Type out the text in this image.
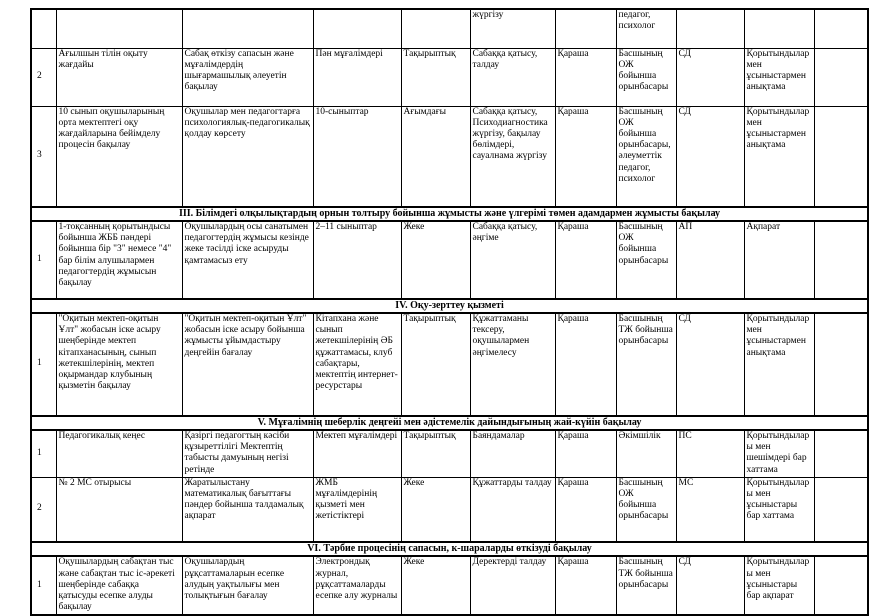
					жүргізу		педагог, психолог			
2	Ағылшын тілін оқыту жағдайы	Сабақ өткізу сапасын және мұғалімдердің шығармашылық әлеуетін бақылау	Пән мұғалімдері	Тақырыптық	Сабаққа қатысу, талдау	Қараша	Басшының ОЖ бойынша орынбасары	СД	Қорытындылар мен ұсыныстармен анықтама	
3	10 сынып оқушыларының орта мектептегі оқу жағдайларына бейімделу процесін бақылау	Оқушылар мен педагогтарға психологиялық-педагогикалық қолдау көрсету	10-сыныптар	Ағымдағы	Сабаққа қатысу, Психодиагностика жүргізу, бақылау бөлімдері, сауалнама жүргізу	Қараша	Басшының ОЖ бойынша орынбасары, әлеуметтік педагог, психолог	СД	Қорытындылар мен ұсыныстармен анықтама	
ІІІ. Білімдегі олқылықтардың орнын толтыру бойынша жұмысты және үлгерімі төмен адамдармен жұмысты бақылау										
1	1-тоқсанның қорытындысы бойынша ЖББ пәндері бойынша бір "3" немесе "4" бар білім алушылармен педагогтердің жұмысын бақылау	Оқушылардың осы санатымен педагогтердің жұмысы кезінде жеке тәсілді іске асыруды қамтамасыз ету	2–11 сыныптар	Жеке	Сабаққа қатысу, әңгіме	Қараша	Басшының ОЖ бойынша орынбасары	АП	Ақпарат	
IV. Оқу-зерттеу қызметі										
1	"Оқитын мектеп-оқитын Ұлт" жобасын іске асыру шеңберінде мектеп кітапханасының, сынып жетекшілерінің, мектеп оқырмандар клубының қызметін бақылау	"Оқитын мектеп-оқитын Ұлт" жобасын іске асыру бойынша жұмысты ұйымдастыру деңгейін бағалау	Кітапхана және сынып жетекшілерінің ӘБ құжаттамасы, клуб сабақтары, мектептің интернет-ресурстары	Тақырыптық	Құжаттаманы тексеру, оқушылармен әңгімелесу	Қараша	Басшының ТЖ бойынша орынбасары	СД	Қорытындылар мен ұсыныстармен анықтама	
V. Мұғалімнің шеберлік деңгейі мен әдістемелік дайындығының жай-күйін бақылау										
1	Педагогикалық кеңес	Қазіргі педагогтың кәсіби құзыреттілігі Мектептің табысты дамуының негізі ретінде	Мектеп мұғалімдері	Тақырыптық	Баяндамалар	Қараша	Әкімшілік	ПС	Қорытындылары мен шешімдері бар хаттама	
2	№ 2 МС отырысы	Жаратылыстану математикалық бағыттағы пәндер бойынша талдамалық ақпарат	ЖМБ мұғалімдерінің қызметі мен жетістіктері	Жеке	Құжаттарды талдау	Қараша	Басшының ОЖ бойынша орынбасары	МС	Қорытындылары мен ұсыныстары бар хаттама	
VI. Тәрбие процесінің сапасын, к-шараларды өткізуді бақылау										
1	Оқушылардың сабақтан тыс және сабақтан тыс іс-әрекеті шеңберінде сабаққа қатысуды есепке алуды бақылау	Оқушылардың рұқсаттамаларын есепке алудың уақтылығы мен толықтығын бағалау	Электрондық журнал, рұқсаттамаларды есепке алу журналы	Жеке	Деректерді талдау	Қараша	Басшының ТЖ бойынша орынбасары	СД	Қорытындылары мен ұсыныстары бар ақпарат	
